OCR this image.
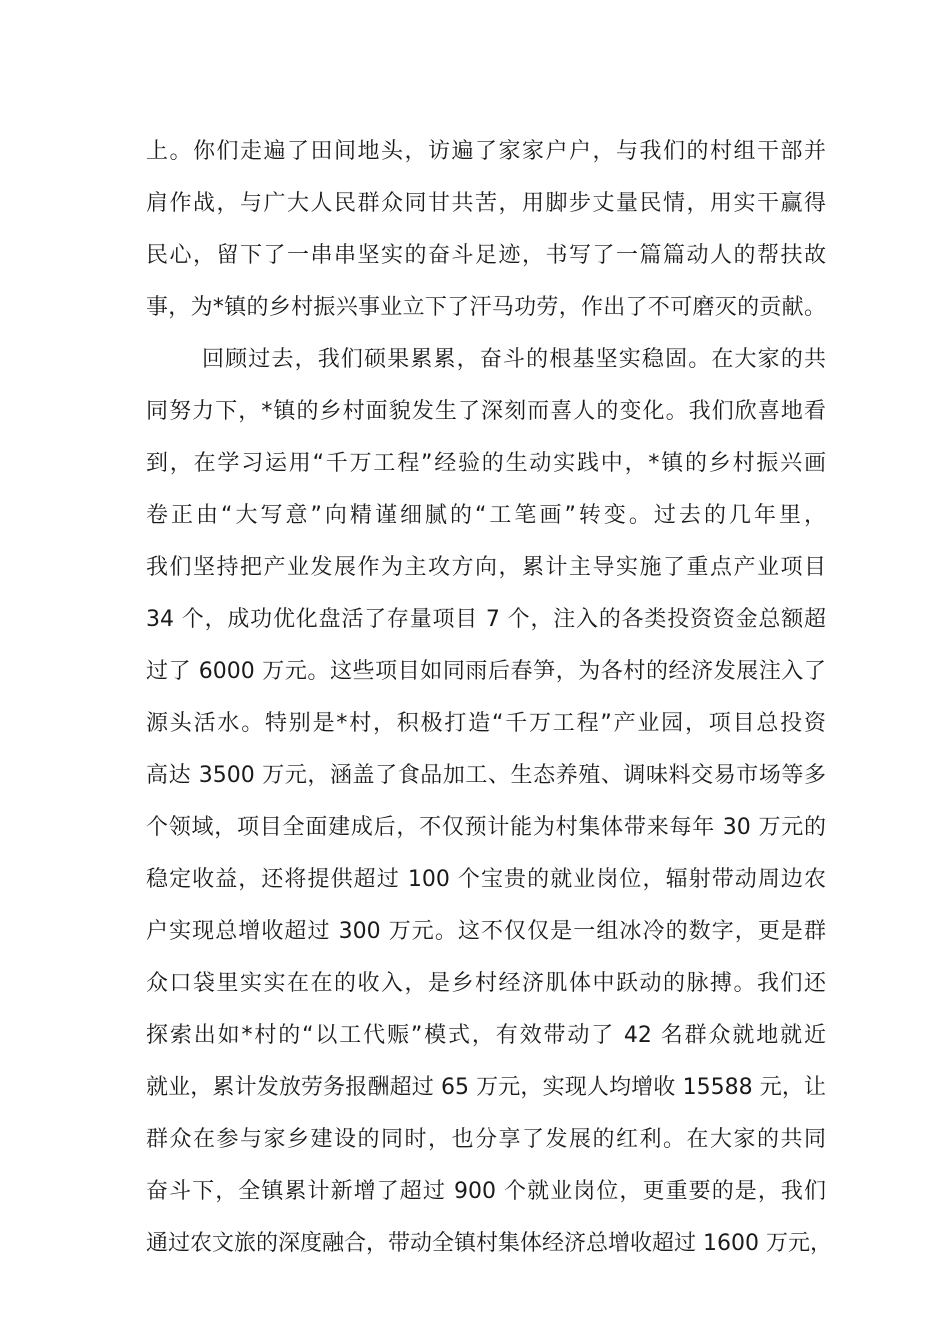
上。你们走遍了田间地头，访遍了家家户户，与我们的村组干部并
肩作战，与广大人民群众同甘共苦，用脚步丈量民情，用实干赢得
民心，留下了一串串坚实的奋斗足迹，书写了一篇篇动人的帮扶故
事，为*镇的乡村振兴事业立下了汗马功劳，作出了不可磨灭的贡献。
回顾过去，我们硕果累累，奋斗的根基坚实稳固。在大家的共
同努力下，*镇的乡村面貌发生了深刻而喜人的变化。我们欣喜地看
到，在学习运用“千万工程”经验的生动实践中，*镇的乡村振兴画
卷正由“大写意”向精谨细腻的“工笔画”转变。过去的几年里，
我们坚持把产业发展作为主攻方向，累计主导实施了重点产业项目
34 个，成功优化盘活了存量项目 7 个，注入的各类投资资金总额超
过了 6000 万元。这些项目如同雨后春笋，为各村的经济发展注入了
源头活水。特别是*村，积极打造“千万工程”产业园，项目总投资
高达 3500 万元，涵盖了食品加工、生态养殖、调味料交易市场等多
个领域，项目全面建成后，不仅预计能为村集体带来每年 30 万元的
稳定收益，还将提供超过 100 个宝贵的就业岗位，辐射带动周边农
户实现总增收超过 300 万元。这不仅仅是一组冰冷的数字，更是群
众口袋里实实在在的收入，是乡村经济肌体中跃动的脉搏。我们还
探索出如*村的“以工代赈”模式，有效带动了 42 名群众就地就近
就业，累计发放劳务报酬超过 65 万元，实现人均增收 15588 元，让
群众在参与家乡建设的同时，也分享了发展的红利。在大家的共同
奋斗下，全镇累计新增了超过 900 个就业岗位，更重要的是，我们
通过农文旅的深度融合，带动全镇村集体经济总增收超过 1600 万元，
